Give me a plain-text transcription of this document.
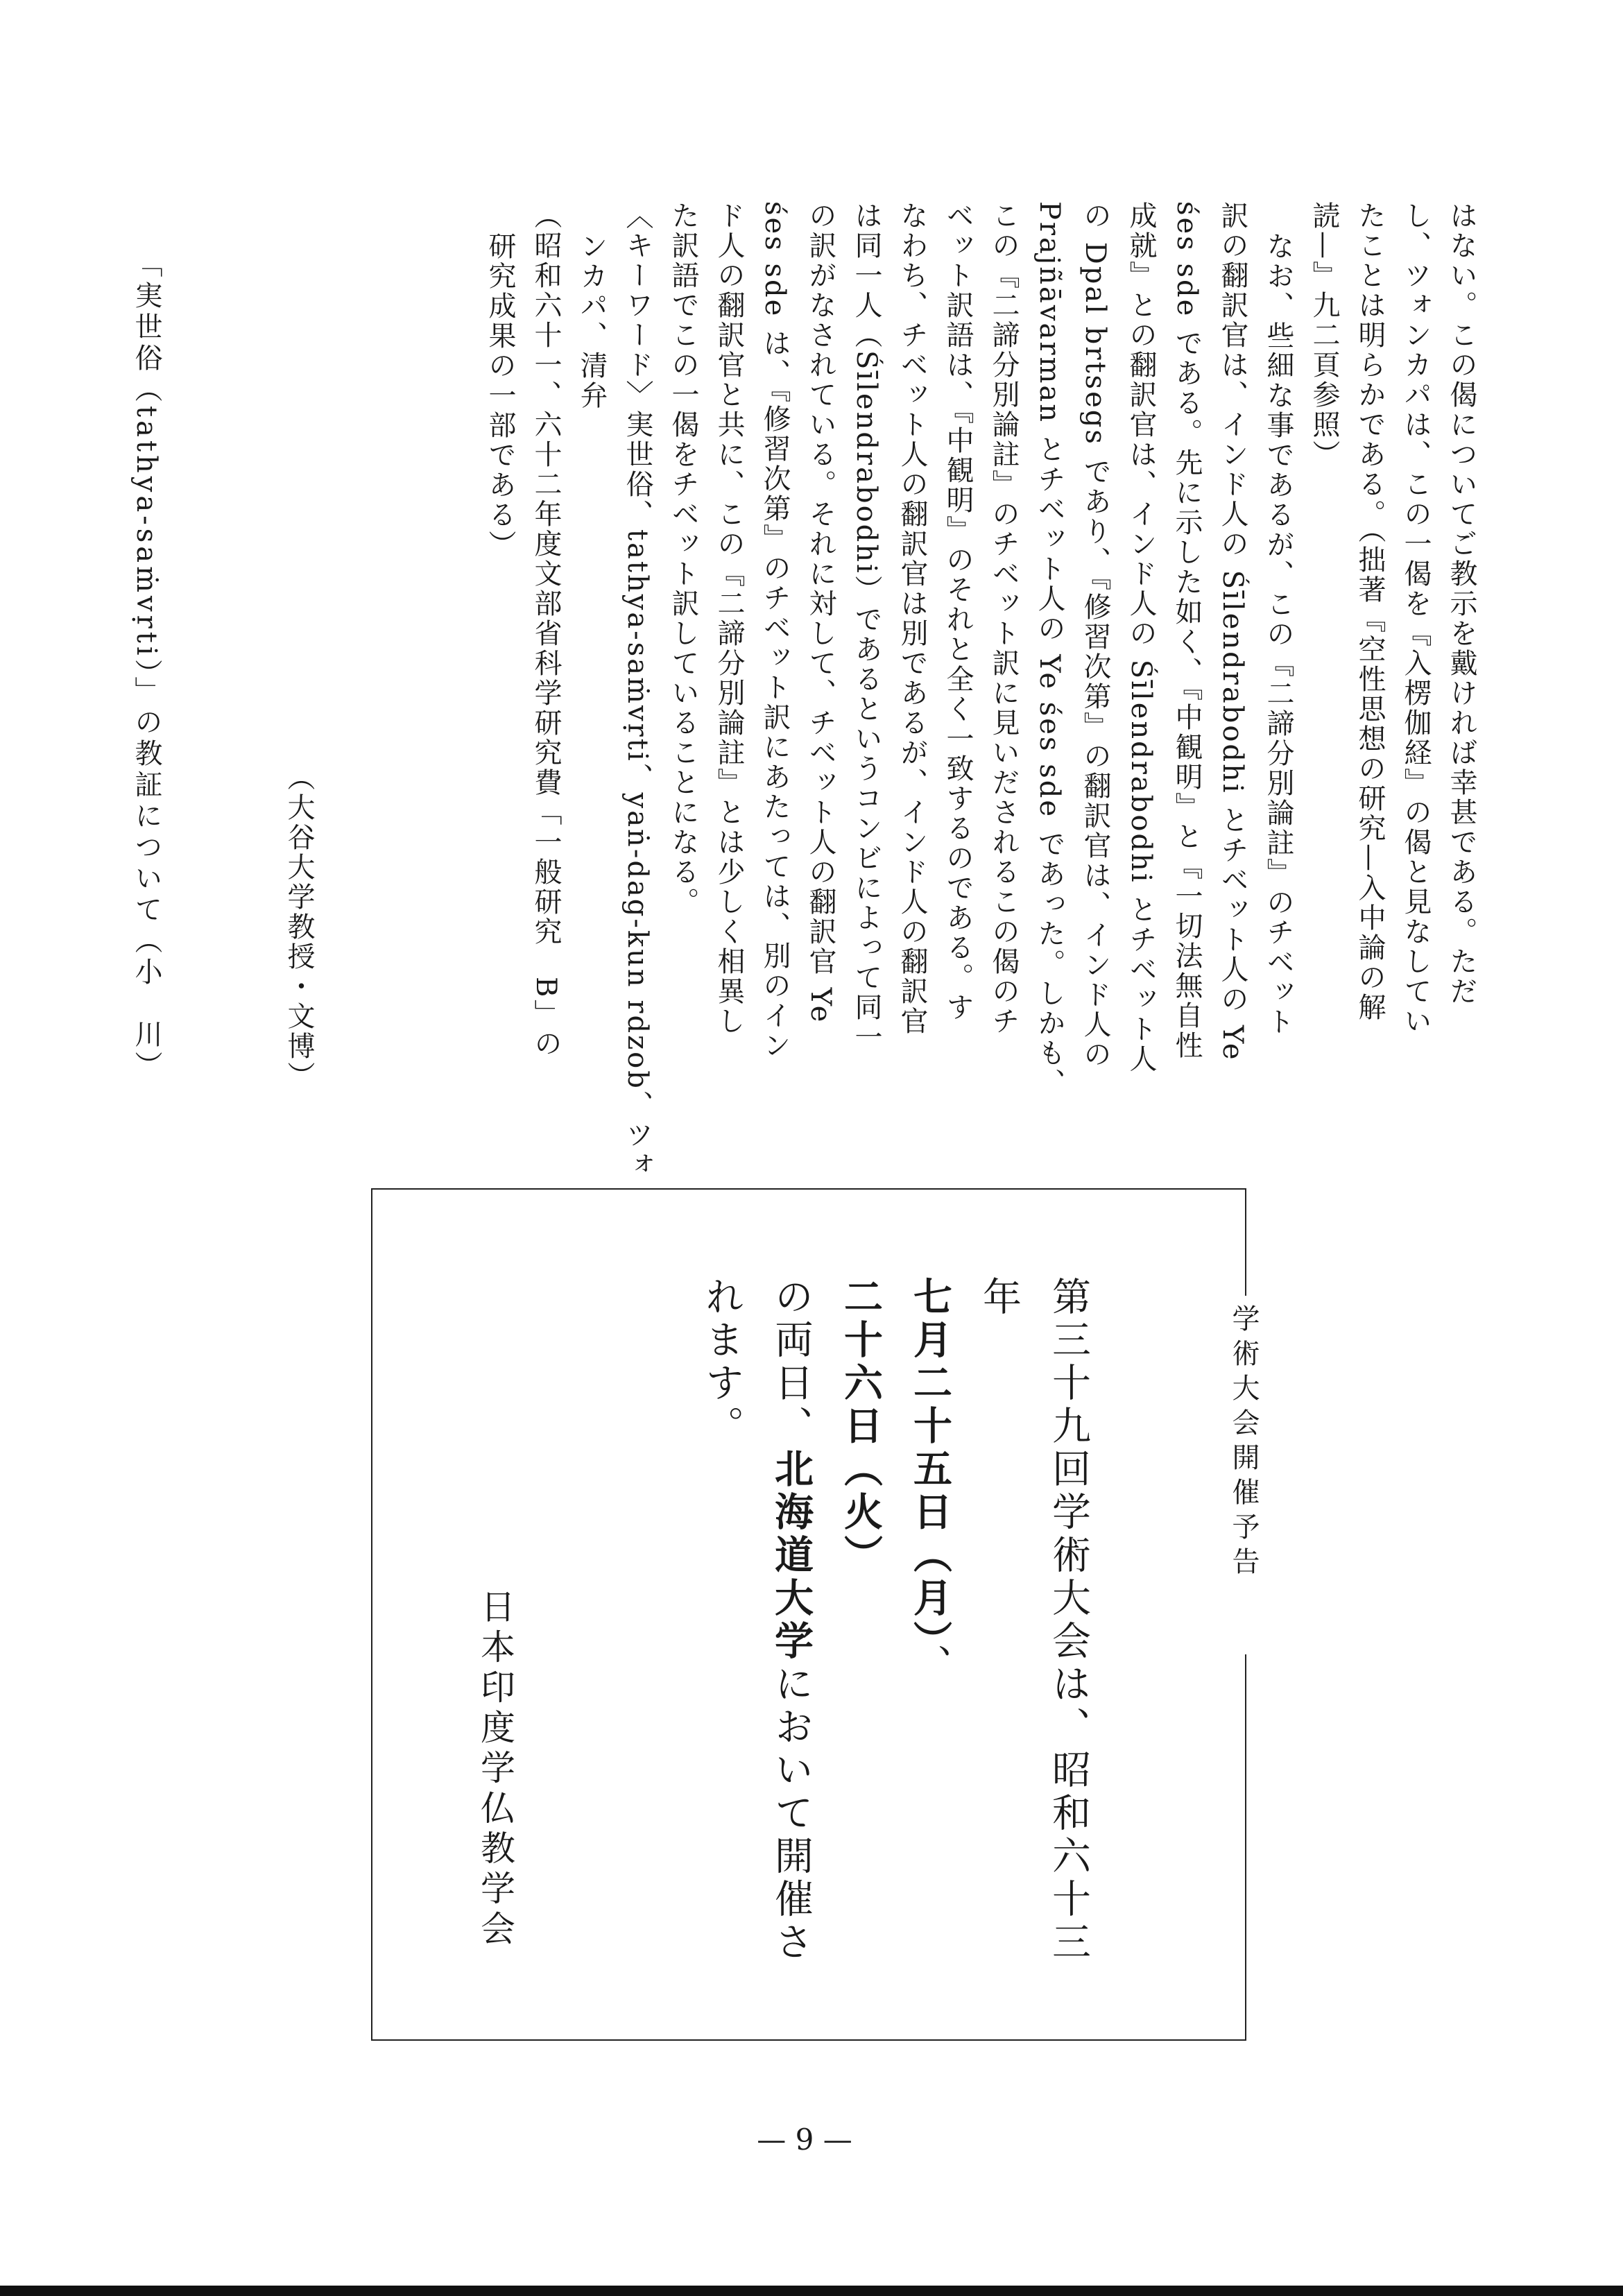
はない。この偈についてご教示を戴ければ幸甚である。ただ

し、ツォンカパは、この一偈を『入楞伽経』の偈と見なしてい

たことは明らかである。（拙著『空性思想の研究—入中論の解

読—』九二頁参照）

なお、些細な事であるが、この『二諦分別論註』のチベット

訳の翻訳官は、インド人の Śīlendrabodhi とチベット人の Ye

śes sde である。先に示した如く、『中観明』と『一切法無自性

成就』との翻訳官は、インド人の Śīlendrabodhi とチベット人

の Dpal brtsegs であり、『修習次第』の翻訳官は、インド人の

Prajñāvarman とチベット人の Ye śes sde であった。しかも、

この『二諦分別論註』のチベット訳に見いだされるこの偈のチ

ベット訳語は、『中観明』のそれと全く一致するのである。す

なわち、チベット人の翻訳官は別であるが、インド人の翻訳官

は同一人（Śīlendrabodhi）であるというコンビによって同一

の訳がなされている。それに対して、チベット人の翻訳官 Ye

śes sde は、『修習次第』のチベット訳にあたっては、別のイン

ド人の翻訳官と共に、この『二諦分別論註』とは少しく相異し

た訳語でこの一偈をチベット訳していることになる。

〈キーワード〉実世俗、tathya-saṁvṛti、yaṅ-dag-kun rdzob、ツォ

ンカパ、清弁

（昭和六十一、六十二年度文部省科学研究費「一般研究　B」の

研究成果の一部である）

（大谷大学教授・文博）
「実世俗（tathya-saṁvṛti）」の教証について（小　川）
学術大会開催予告

第三十九回学術大会は、昭和六十三年

七月二十五日（月）、二十六日（火）

の両日、北海道大学において開催さ

れます。

日本印度学仏教学会
— 9 —
